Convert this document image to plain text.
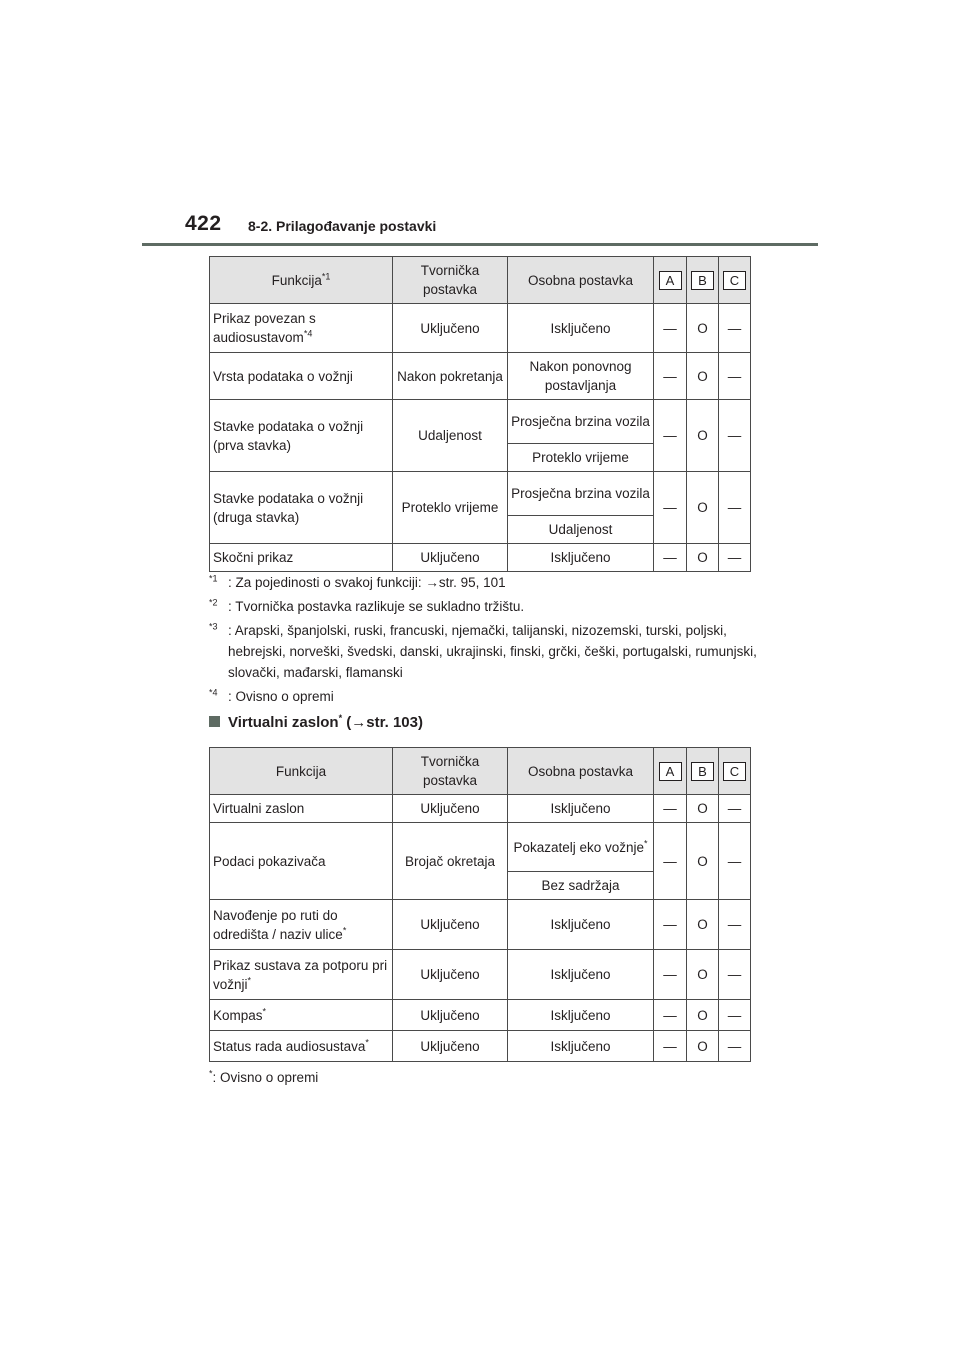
422 8-2. Prilagođavanje postavki
Funkcija$^{*1}$	Tvornička postavka	Osobna postavka	A	B	C
Prikaz povezan s audiosustavom$^{*4}$	Uključeno	Isključeno	—	O	—
Vrsta podataka o vožnji	Nakon pokretanja	Nakon ponovnog postavljanja	—	O	—
Stavke podataka o vožnji (prva stavka)	Udaljenost	Prosječna brzina vozila	—	O	—
		Proteklo vrijeme			
Stavke podataka o vožnji (druga stavka)	Proteklo vrijeme	Prosječna brzina vozila	—	O	—
		Udaljenost			
Skočni prikaz	Uključeno	Isključeno	—	O	—
$^{*1}$ : Za pojedinosti o svakoj funkciji: →str. 95, 101
$^{*2}$ : Tvornička postavka razlikuje se sukladno tržištu.
$^{*3}$ : Arapski, španjolski, ruski, francuski, njemački, talijanski, nizozemski, turski, poljski, hebrejski, norveški, švedski, danski, ukrajinski, finski, grčki, češki, portugalski, rumunjski, slovački, mađarski, flamanski
$^{*4}$ : Ovisno o opremi
Virtualni zaslon* (→str. 103)
Funkcija	Tvornička postavka	Osobna postavka	A	B	C
Virtualni zaslon	Uključeno	Isključeno	—	O	—
Podaci pokazivača	Brojač okretaja	Pokazatelj eko vožnje*	—	O	—
		Bez sadržaja			
Navođenje po ruti do odredišta / naziv ulice*	Uključeno	Isključeno	—	O	—
Prikaz sustava za potporu pri vožnji*	Uključeno	Isključeno	—	O	—
Kompas*	Uključeno	Isključeno	—	O	—
Status rada audiosustava*	Uključeno	Isključeno	—	O	—
*: Ovisno o opremi
